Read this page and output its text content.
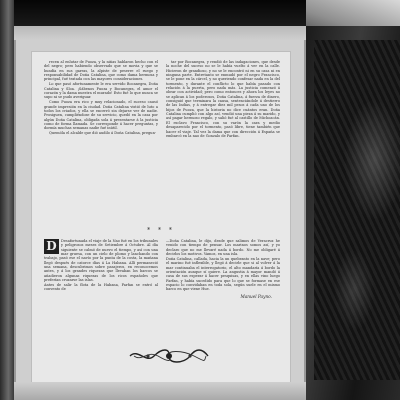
recen al enlutar de Puoza, y la niñas hablaron hecho con el del negro; pero habiendo observado que se movia y que se hundía en sus garras, la alpiste de peserre el ruego y responsabilidad de Doña Catalina, que como dama hermosa y principal, fué tratada con las mayores consideraciones.

Lo que pasó afortunamente le era servido Bocanegra, Doña Catalina y Sloa. ¡Sábenos Puoza y Bocanegra, el amor el corazón y la dama nuestra el murado! Esto fué lo que nunca se supo ni se pudo averiguar.

Como Puoza era rico y muy relacionado, el suceso causó grande impresión en la ciudad. Doña Catalina vistió de luto a todos los criados, y ella se encerró sin dejarse ver de nadie. Prosiguen, cumpliéndose de su servicio, quedó en la casa por algún Doña Catalina, obligada sola á presentarse á la justicia como de forma llamada. Se corresponde á hacer preguntas, y dormía muchas semanas nadie fué inútil.

Quemóla el alcalde que dió audilo á Doña Catalina, pregun-

tar por Bocanegra, y rendió de las indagaciones, que desde la noche del suceso no se le había vuelto á ver en la calle. Hicieron de grandioso, y no se le encontró ni en su casa ni en ninguna parte. Entretanto se enmudó por el negro Francisco, se le pone en la cárcel, y no queriendo confesar nada en la del tormento, y durante el conflicto lo que había pasado con relación á la puerta, pero nada más. La justicia comenzó á obrar con actividad; pero como entonces y ahora los leyes no se aplican á los poderosos, Doña Catalina, á fuerza de dinero, consiguió que terminara la causa, sentenciándole á destierro de las Indias, y á entregar diez mil pesos á cada uno de los hijos de Puoza, que la historia no dice cuántos eran. Doña Catalina cumplió con algo así, vendió una pieza á su marido, y así pagar hermoso regalo, y salió fué al castillo de Michoacán. El esclavo Francisco, con su varón la cara y medio desaparecido por el tormento, pasó libre, tiene también que hacer el viaje. Tal vez la dama que con dirección á España se embarcó en la nao de Gonzalo de Farfan.

* * *

D	Desafortunada el viaje de la Nao fué en los tribunales y peligrosos meses de Setiembre á Octubre. Al día siguiente se calmó de nuevo el tiempo, y así con una mar gruesa, con un cielo de plomo y lanchando con trabajo, pasó ese el navío por la punta de la costa, la mañana llegó después de catorce días á La Habana. Allí permaneció una semana, descubrimos sobre pasajeros, en reconocemos antes, y á los grandes riquezas que llevaban los barcos se añadieron algunas riquezas de los ricos españoles que preferían cruzarse las islas.

Antes de salir la flota de la Habana, Farfan se entró al convento de

—Doña Catalina, le dijo, desde que salimos de Veracruz he venido con tiempo de pensar. Los marinos somos así, y yo declaro que no me llevaré nada á bordo. No me obligaré á decirlos los motivos. Vamos, en una isla.

Doña Catalina, callada, hacia la un quebranto en la nave; pero el marino fué inflexible, y llegó á decirle que si al volver á la mar continuaba el interrogatorio, el alto mandaría á bordo la orientación aunque sí quiere. La angustia á mayor mandó á casa de sus esperar á hacer pesquisas, y en ellas vino luego Farfan, y había sucedido para que lo que se formase en ese espacio lo convidaban en toda sola, según suele en el mismo barco en que viene Hue.

Manuel Payno.
